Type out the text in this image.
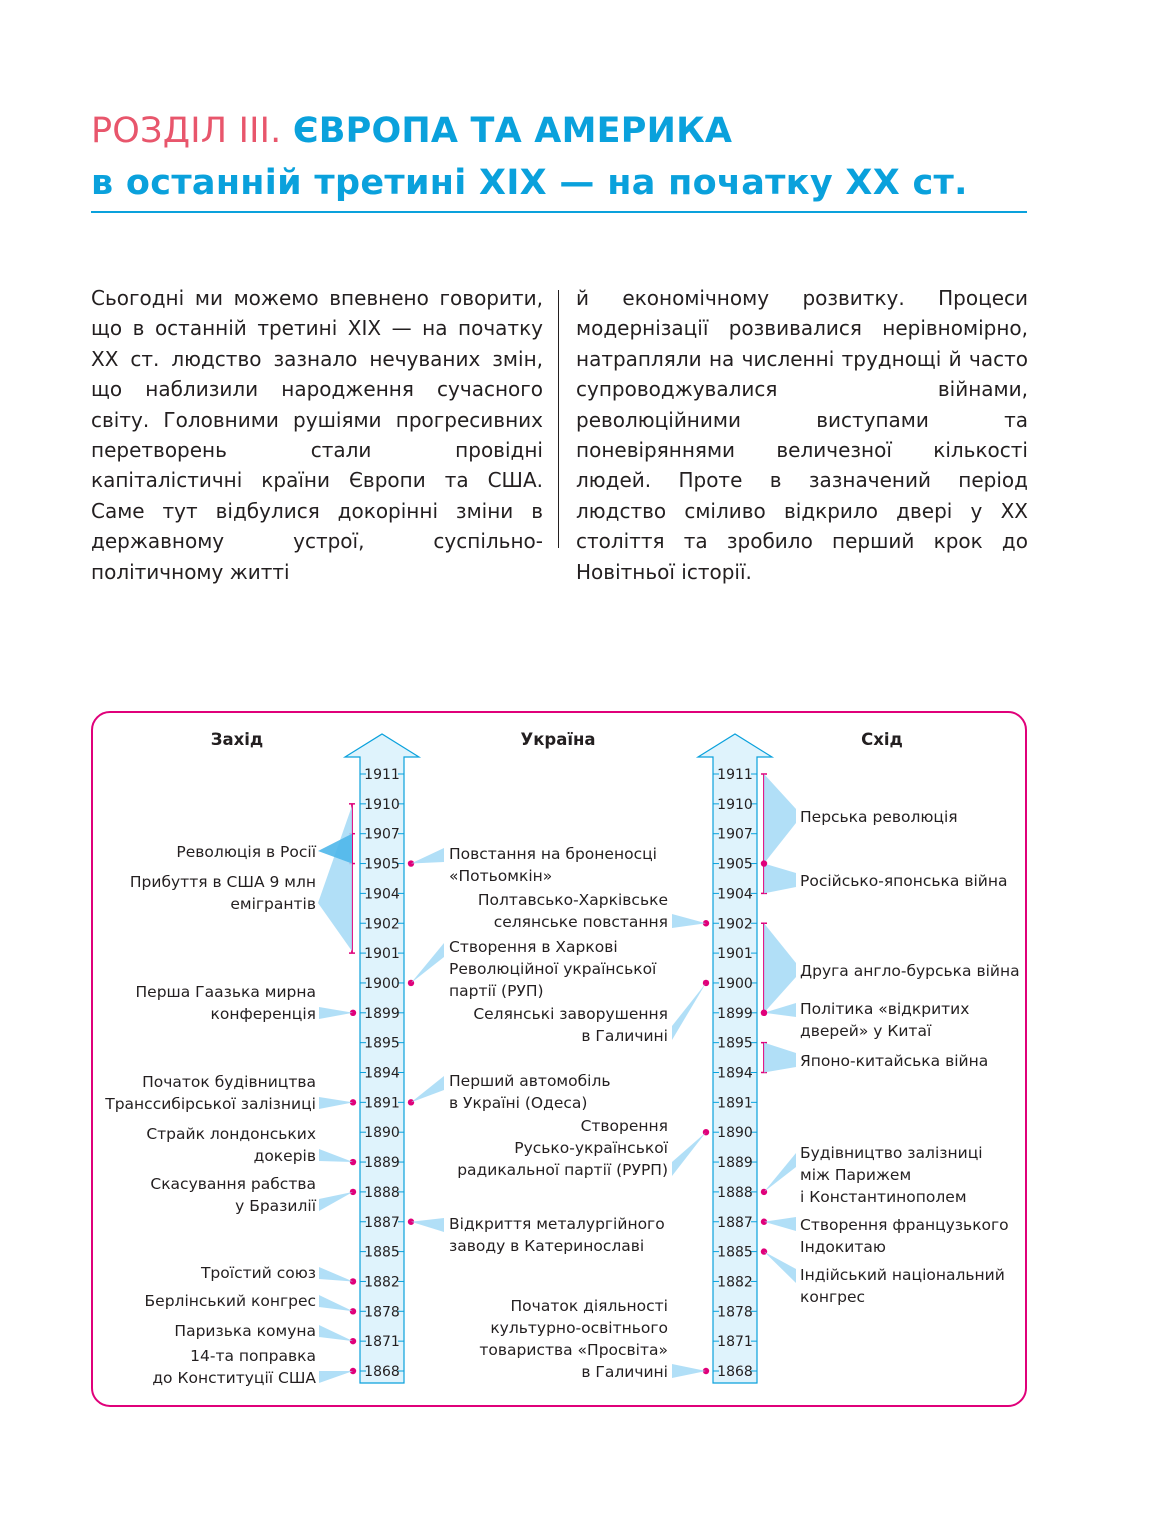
РОЗДІЛ ІІІ. ЄВРОПА ТА АМЕРИКА
в останній третині XIX — на початку XX ст.
Сьогодні ми можемо впевнено говорити, що в останній третині XIX — на початку XX ст. людство зазнало нечуваних змін, що наблизили народження сучасного світу. Головними рушіями прогресивних перетворень стали провідні капіталістичні країни Європи та США. Саме тут відбулися докорінні зміни в державному устрої, суспільно-політичному житті
й економічному розвитку. Процеси модернізації розвивалися нерівномірно, натрапляли на численні труднощі й часто супроводжувалися війнами, революційними виступами та поневіряннями величезної кількості людей. Проте в зазначений період людство сміливо відкрило двері у XX століття та зробило перший крок до Новітньої історії.
Захід	Україна	Схід
1911
1910
1907
1905
1904
1902
1901
1900
1899
1895
1894
1891
1890
1889
1888
1887
1885
1882
1878
1871
1868
1911
1910
1907
1905
1904
1902
1901
1900
1899
1895
1894
1891
1890
1889
1888
1887
1885
1882
1878
1871
1868
Революція в Росії
Прибуття в США 9 млн
емігрантів
Перша Гаазька мирна
конференція
Початок будівництва
Транссибірської залізниці
Страйк лондонських
докерів
Скасування рабства
у Бразилії
Троїстий союз
Берлінський конгрес
Паризька комуна
14-та поправка
до Конституції США
Повстання на броненосці
«Потьомкін»
Створення в Харкові
Революційної української
партії (РУП)
Перший автомобіль
в Україні (Одеса)
Відкриття металургійного
заводу в Катеринославі
Полтавсько-Харківське
селянське повстання
Селянські заворушення
в Галичині
Створення
Русько-української
радикальної партії (РУРП)
Початок діяльності
культурно-освітнього
товариства «Просвіта»
в Галичині
Перська революція
Російсько-японська війна
Друга англо-бурська війна
Політика «відкритих
дверей» у Китаї
Японо-китайська війна
Будівництво залізниці
між Парижем
і Константинополем
Створення французького
Індокитаю
Індійський національний
конгрес
